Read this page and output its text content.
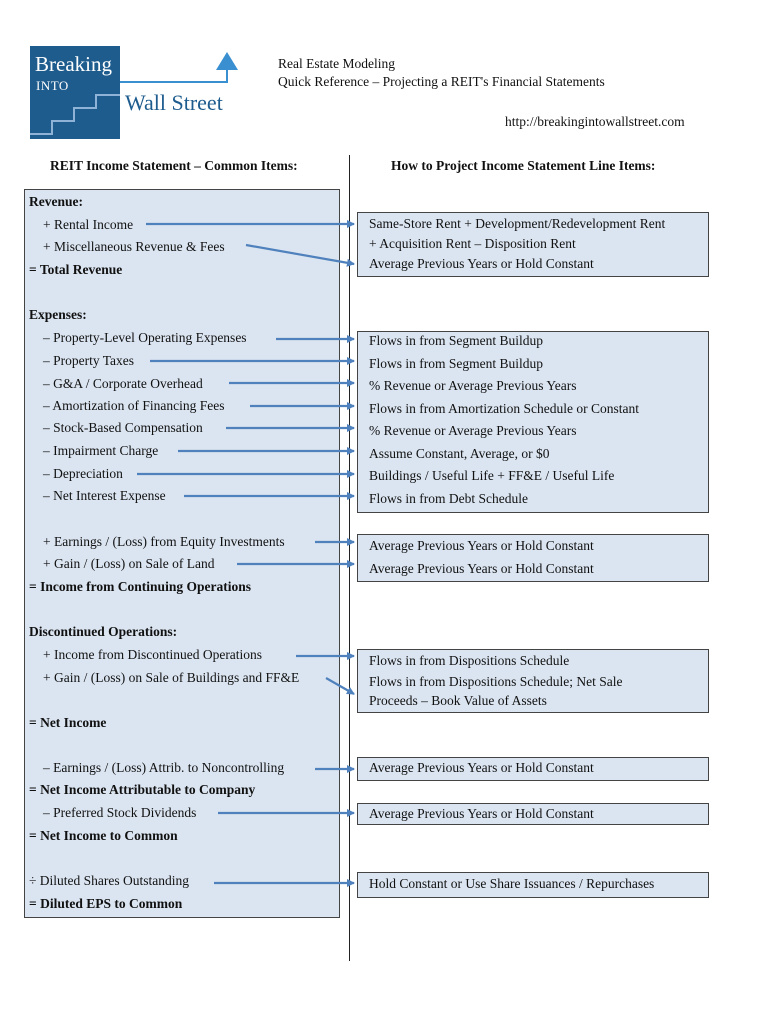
Breaking
INTO
Wall Street
Real Estate Modeling
Quick Reference – Projecting a REIT's Financial Statements
http://breakingintowallstreet.com
REIT Income Statement – Common Items:	How to Project Income Statement Line Items:
Revenue:
+ Rental Income
+ Miscellaneous Revenue & Fees
= Total Revenue
Expenses:
– Property-Level Operating Expenses
– Property Taxes
– G&A / Corporate Overhead
– Amortization of Financing Fees
– Stock-Based Compensation
– Impairment Charge
– Depreciation
– Net Interest Expense
+ Earnings / (Loss) from Equity Investments
+ Gain / (Loss) on Sale of Land
= Income from Continuing Operations
Discontinued Operations:
+ Income from Discontinued Operations
+ Gain / (Loss) on Sale of Buildings and FF&E
= Net Income
– Earnings / (Loss) Attrib. to Noncontrolling
= Net Income Attributable to Company
– Preferred Stock Dividends
= Net Income to Common
÷ Diluted Shares Outstanding
= Diluted EPS to Common
Same-Store Rent + Development/Redevelopment Rent
+ Acquisition Rent – Disposition Rent
Average Previous Years or Hold Constant
Flows in from Segment Buildup
Flows in from Segment Buildup
% Revenue or Average Previous Years
Flows in from Amortization Schedule or Constant
% Revenue or Average Previous Years
Assume Constant, Average, or $0
Buildings / Useful Life + FF&E / Useful Life
Flows in from Debt Schedule
Average Previous Years or Hold Constant
Average Previous Years or Hold Constant
Flows in from Dispositions Schedule
Flows in from Dispositions Schedule; Net Sale
Proceeds – Book Value of Assets
Average Previous Years or Hold Constant
Average Previous Years or Hold Constant
Hold Constant or Use Share Issuances / Repurchases
